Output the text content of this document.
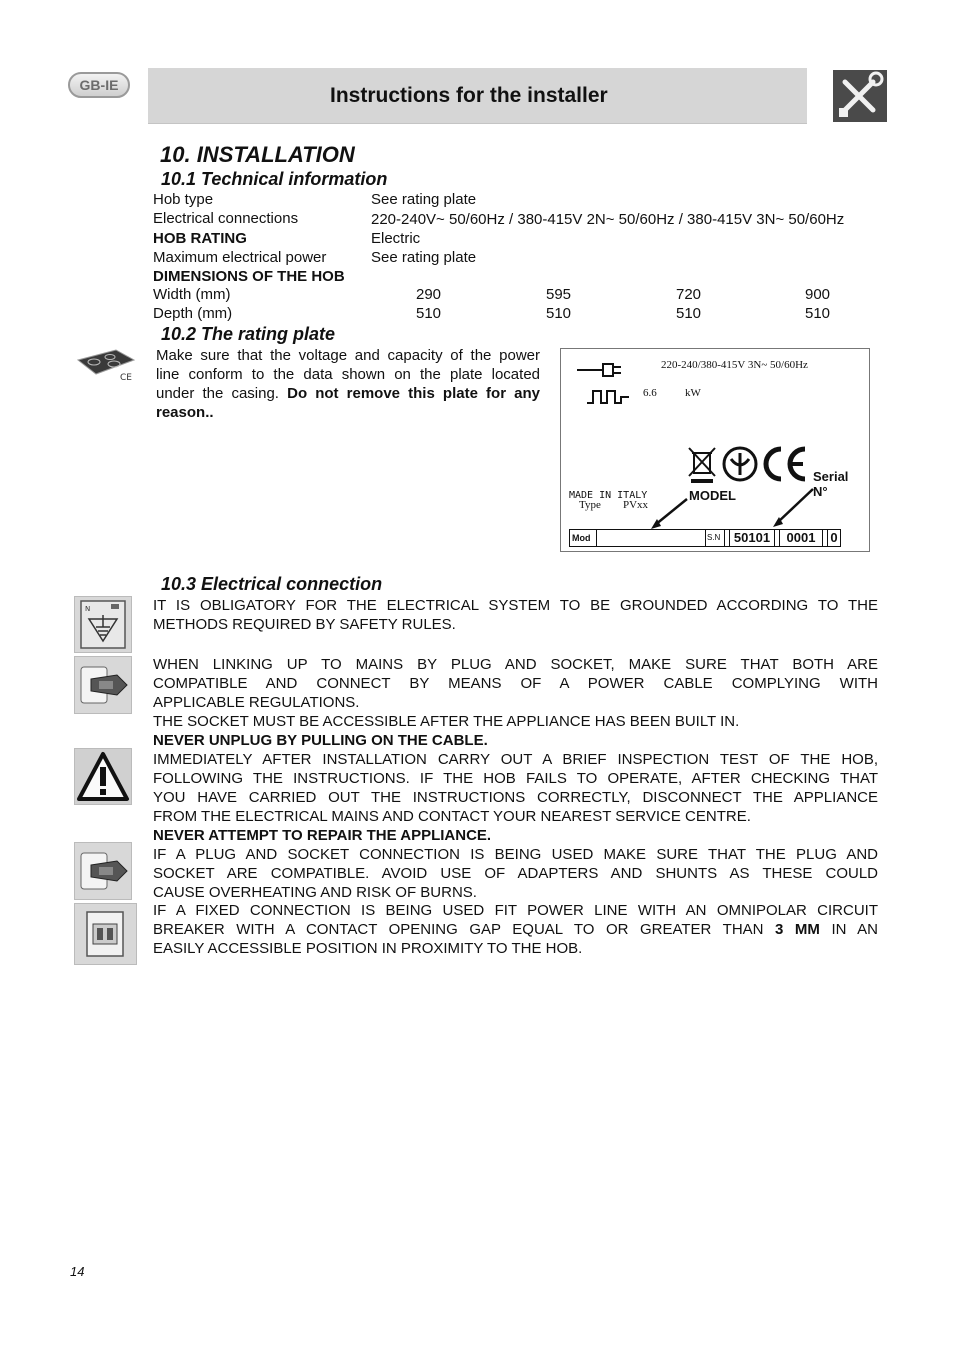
GB-IE	Instructions for the installer
10. INSTALLATION
10.1 Technical information
Hob type	See rating plate
Electrical connections	220-240V~ 50/60Hz / 380-415V 2N~ 50/60Hz / 380-415V 3N~ 50/60Hz
HOB RATING	Electric
Maximum electrical power	See rating plate
DIMENSIONS OF THE HOB
Width (mm)	290	595	720	900
Depth (mm)	510	510	510	510
10.2 The rating plate
CE
Make sure that the voltage and capacity of the power
line conform to the data shown on the plate located
under the casing. Do not remove this plate for any
reason..
220-240/380-415V 3N~ 50/60Hz
6.6	kW
Serial
N°
MODEL
MADE IN ITALY
Type PVxx
Mod	S.N	50101	0001	0
10.3 Electrical connection
N	IT IS OBLIGATORY FOR THE ELECTRICAL SYSTEM TO BE GROUNDED ACCORDING TO THE
METHODS REQUIRED BY SAFETY RULES.
WHEN LINKING UP TO MAINS BY PLUG AND SOCKET, MAKE SURE THAT BOTH ARE
COMPATIBLE AND CONNECT BY MEANS OF A POWER CABLE COMPLYING WITH
APPLICABLE REGULATIONS.
THE SOCKET MUST BE ACCESSIBLE AFTER THE APPLIANCE HAS BEEN BUILT IN.
NEVER UNPLUG BY PULLING ON THE CABLE.
IMMEDIATELY AFTER INSTALLATION CARRY OUT A BRIEF INSPECTION TEST OF THE HOB,
FOLLOWING THE INSTRUCTIONS. IF THE HOB FAILS TO OPERATE, AFTER CHECKING THAT
YOU HAVE CARRIED OUT THE INSTRUCTIONS CORRECTLY, DISCONNECT THE APPLIANCE
FROM THE ELECTRICAL MAINS AND CONTACT YOUR NEAREST SERVICE CENTRE.
NEVER ATTEMPT TO REPAIR THE APPLIANCE.
IF A PLUG AND SOCKET CONNECTION IS BEING USED MAKE SURE THAT THE PLUG AND
SOCKET ARE COMPATIBLE. AVOID USE OF ADAPTERS AND SHUNTS AS THESE COULD
CAUSE OVERHEATING AND RISK OF BURNS.
IF A FIXED CONNECTION IS BEING USED FIT POWER LINE WITH AN OMNIPOLAR CIRCUIT
BREAKER WITH A CONTACT OPENING GAP EQUAL TO OR GREATER THAN 3 MM IN AN
EASILY ACCESSIBLE POSITION IN PROXIMITY TO THE HOB.
14
